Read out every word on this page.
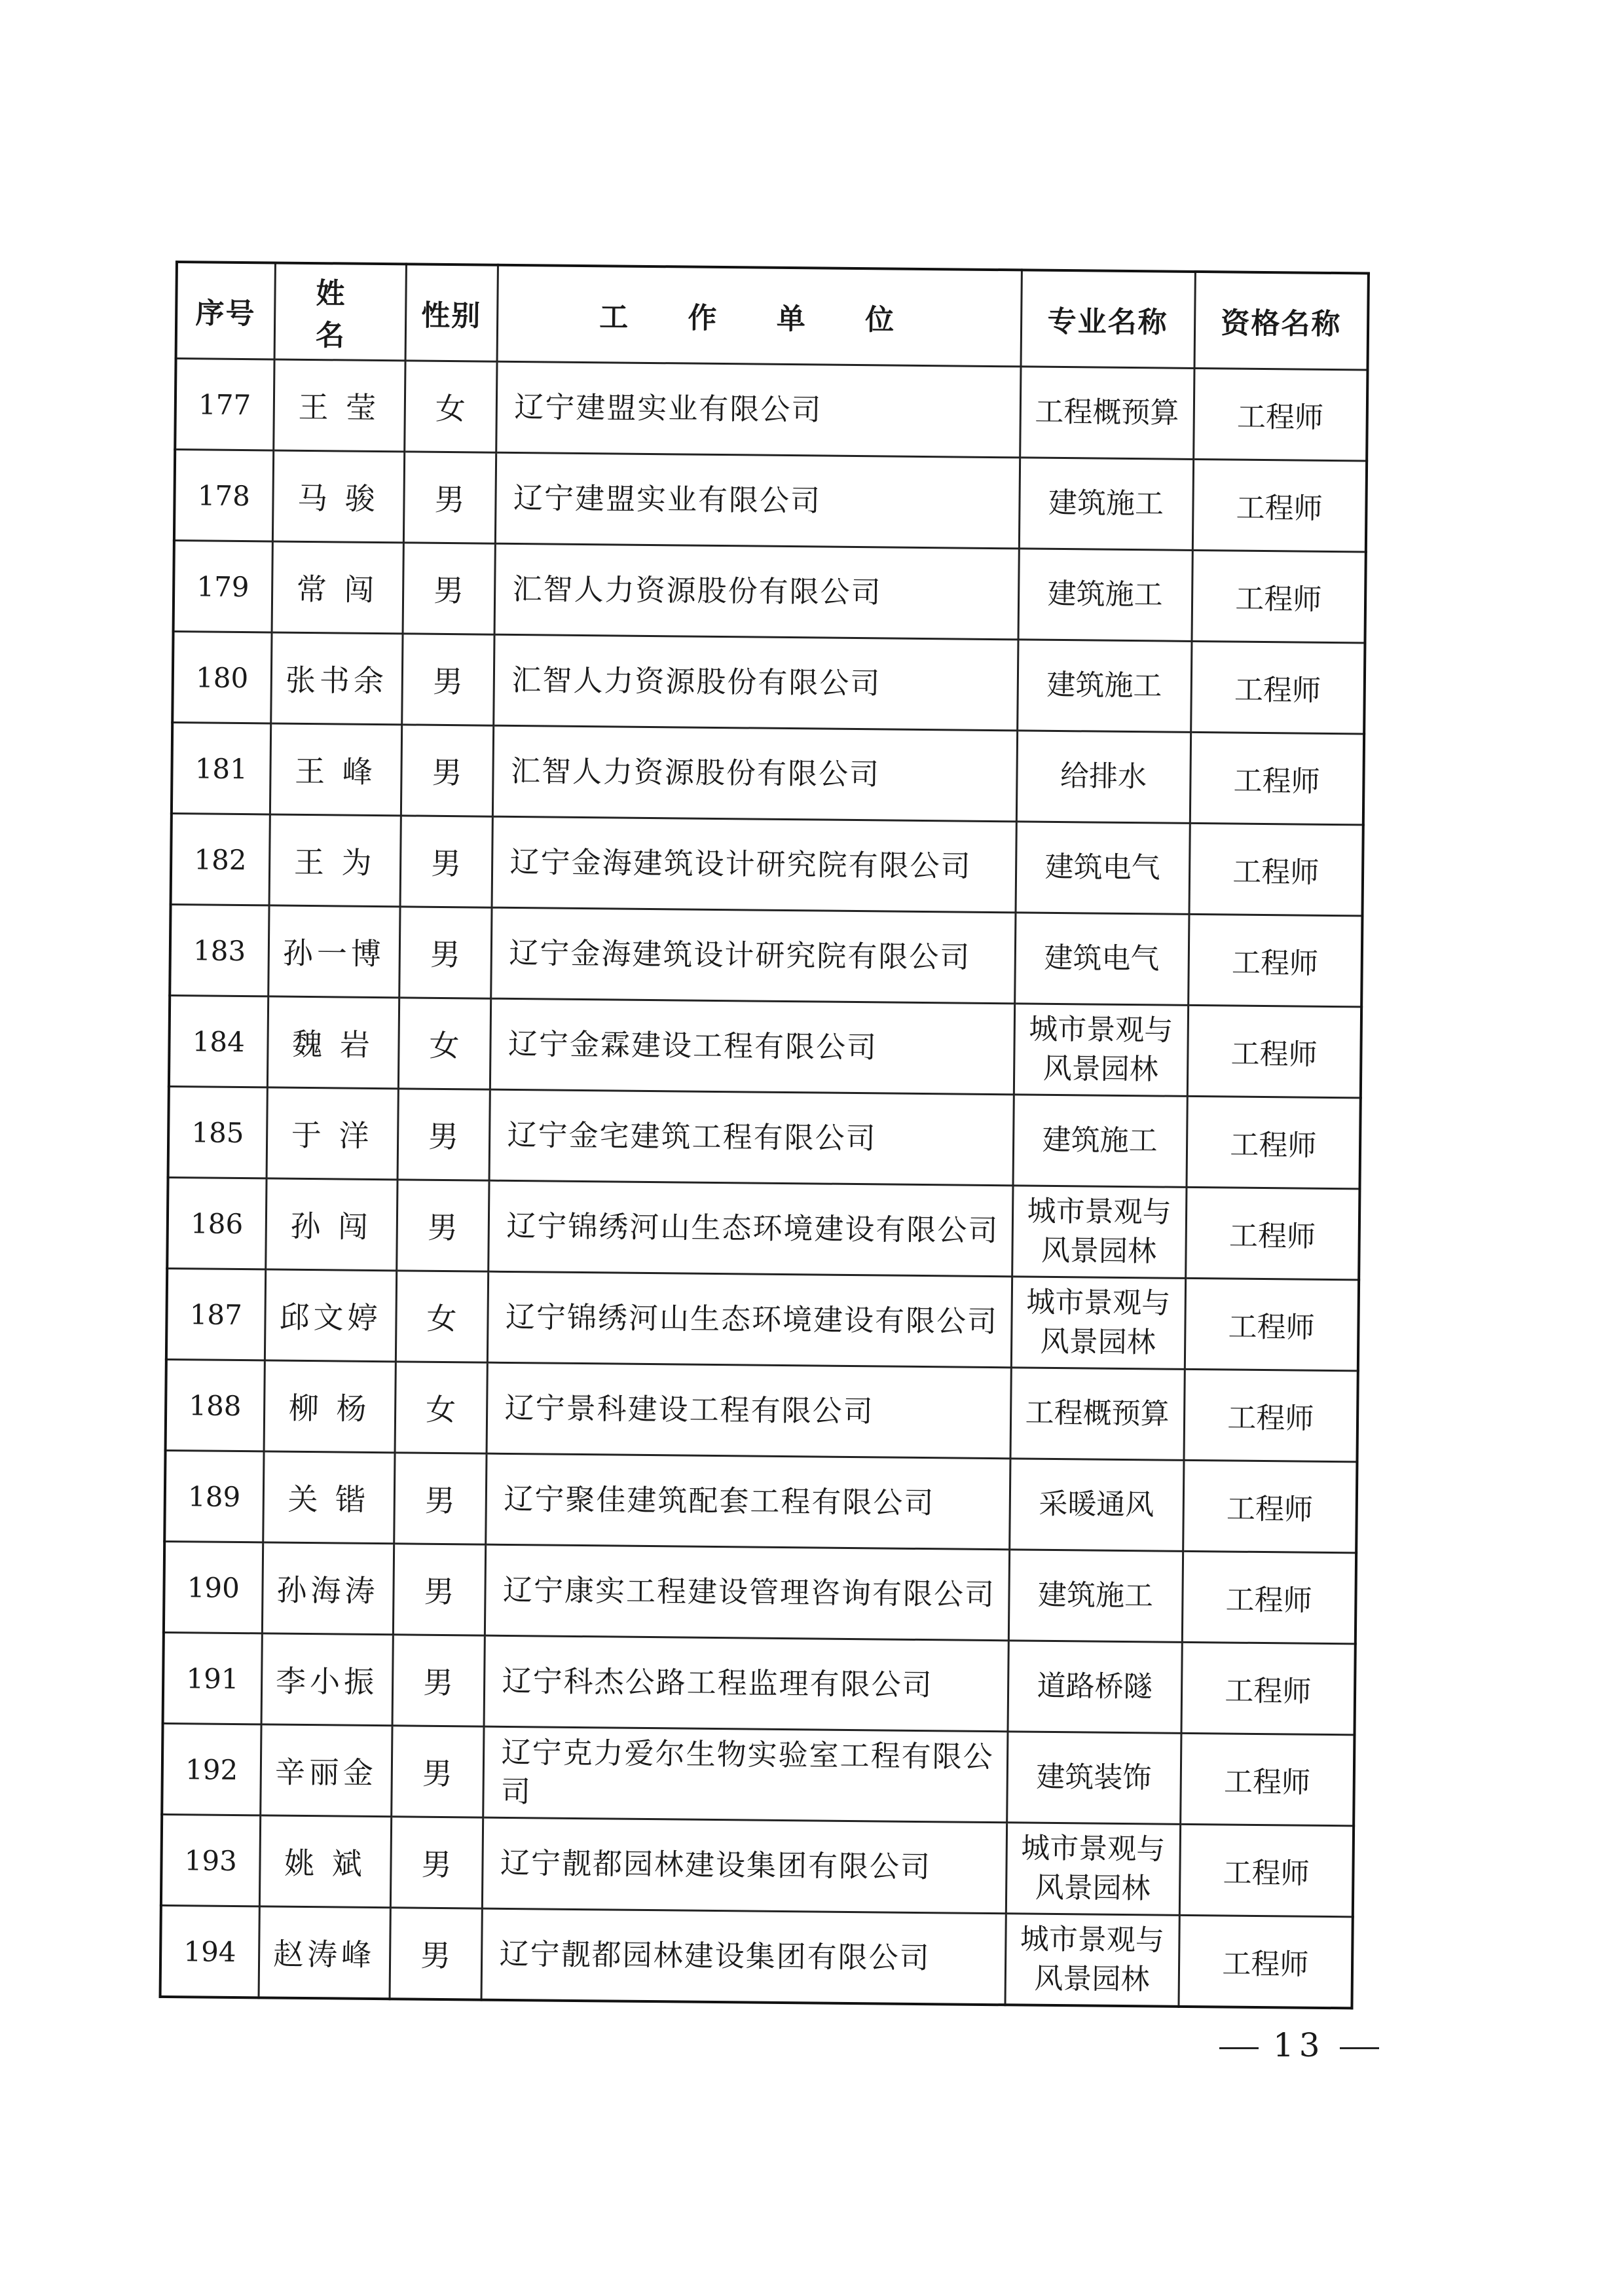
序号	姓 名	性别	工 作 单 位	专业名称	资格名称
177	王 莹	女	辽宁建盟实业有限公司	工程概预算	工程师
178	马 骏	男	辽宁建盟实业有限公司	建筑施工	工程师
179	常 闯	男	汇智人力资源股份有限公司	建筑施工	工程师
180	张书余	男	汇智人力资源股份有限公司	建筑施工	工程师
181	王 峰	男	汇智人力资源股份有限公司	给排水	工程师
182	王 为	男	辽宁金海建筑设计研究院有限公司	建筑电气	工程师
183	孙一博	男	辽宁金海建筑设计研究院有限公司	建筑电气	工程师
184	魏 岩	女	辽宁金霖建设工程有限公司	城市景观与风景园林	工程师
185	于 洋	男	辽宁金宅建筑工程有限公司	建筑施工	工程师
186	孙 闯	男	辽宁锦绣河山生态环境建设有限公司	城市景观与风景园林	工程师
187	邱文婷	女	辽宁锦绣河山生态环境建设有限公司	城市景观与风景园林	工程师
188	柳 杨	女	辽宁景科建设工程有限公司	工程概预算	工程师
189	关 锴	男	辽宁聚佳建筑配套工程有限公司	采暖通风	工程师
190	孙海涛	男	辽宁康实工程建设管理咨询有限公司	建筑施工	工程师
191	李小振	男	辽宁科杰公路工程监理有限公司	道路桥隧	工程师
192	辛丽金	男	辽宁克力爱尔生物实验室工程有限公司	建筑装饰	工程师
193	姚 斌	男	辽宁靓都园林建设集团有限公司	城市景观与风景园林	工程师
194	赵涛峰	男	辽宁靓都园林建设集团有限公司	城市景观与风景园林	工程师
13
